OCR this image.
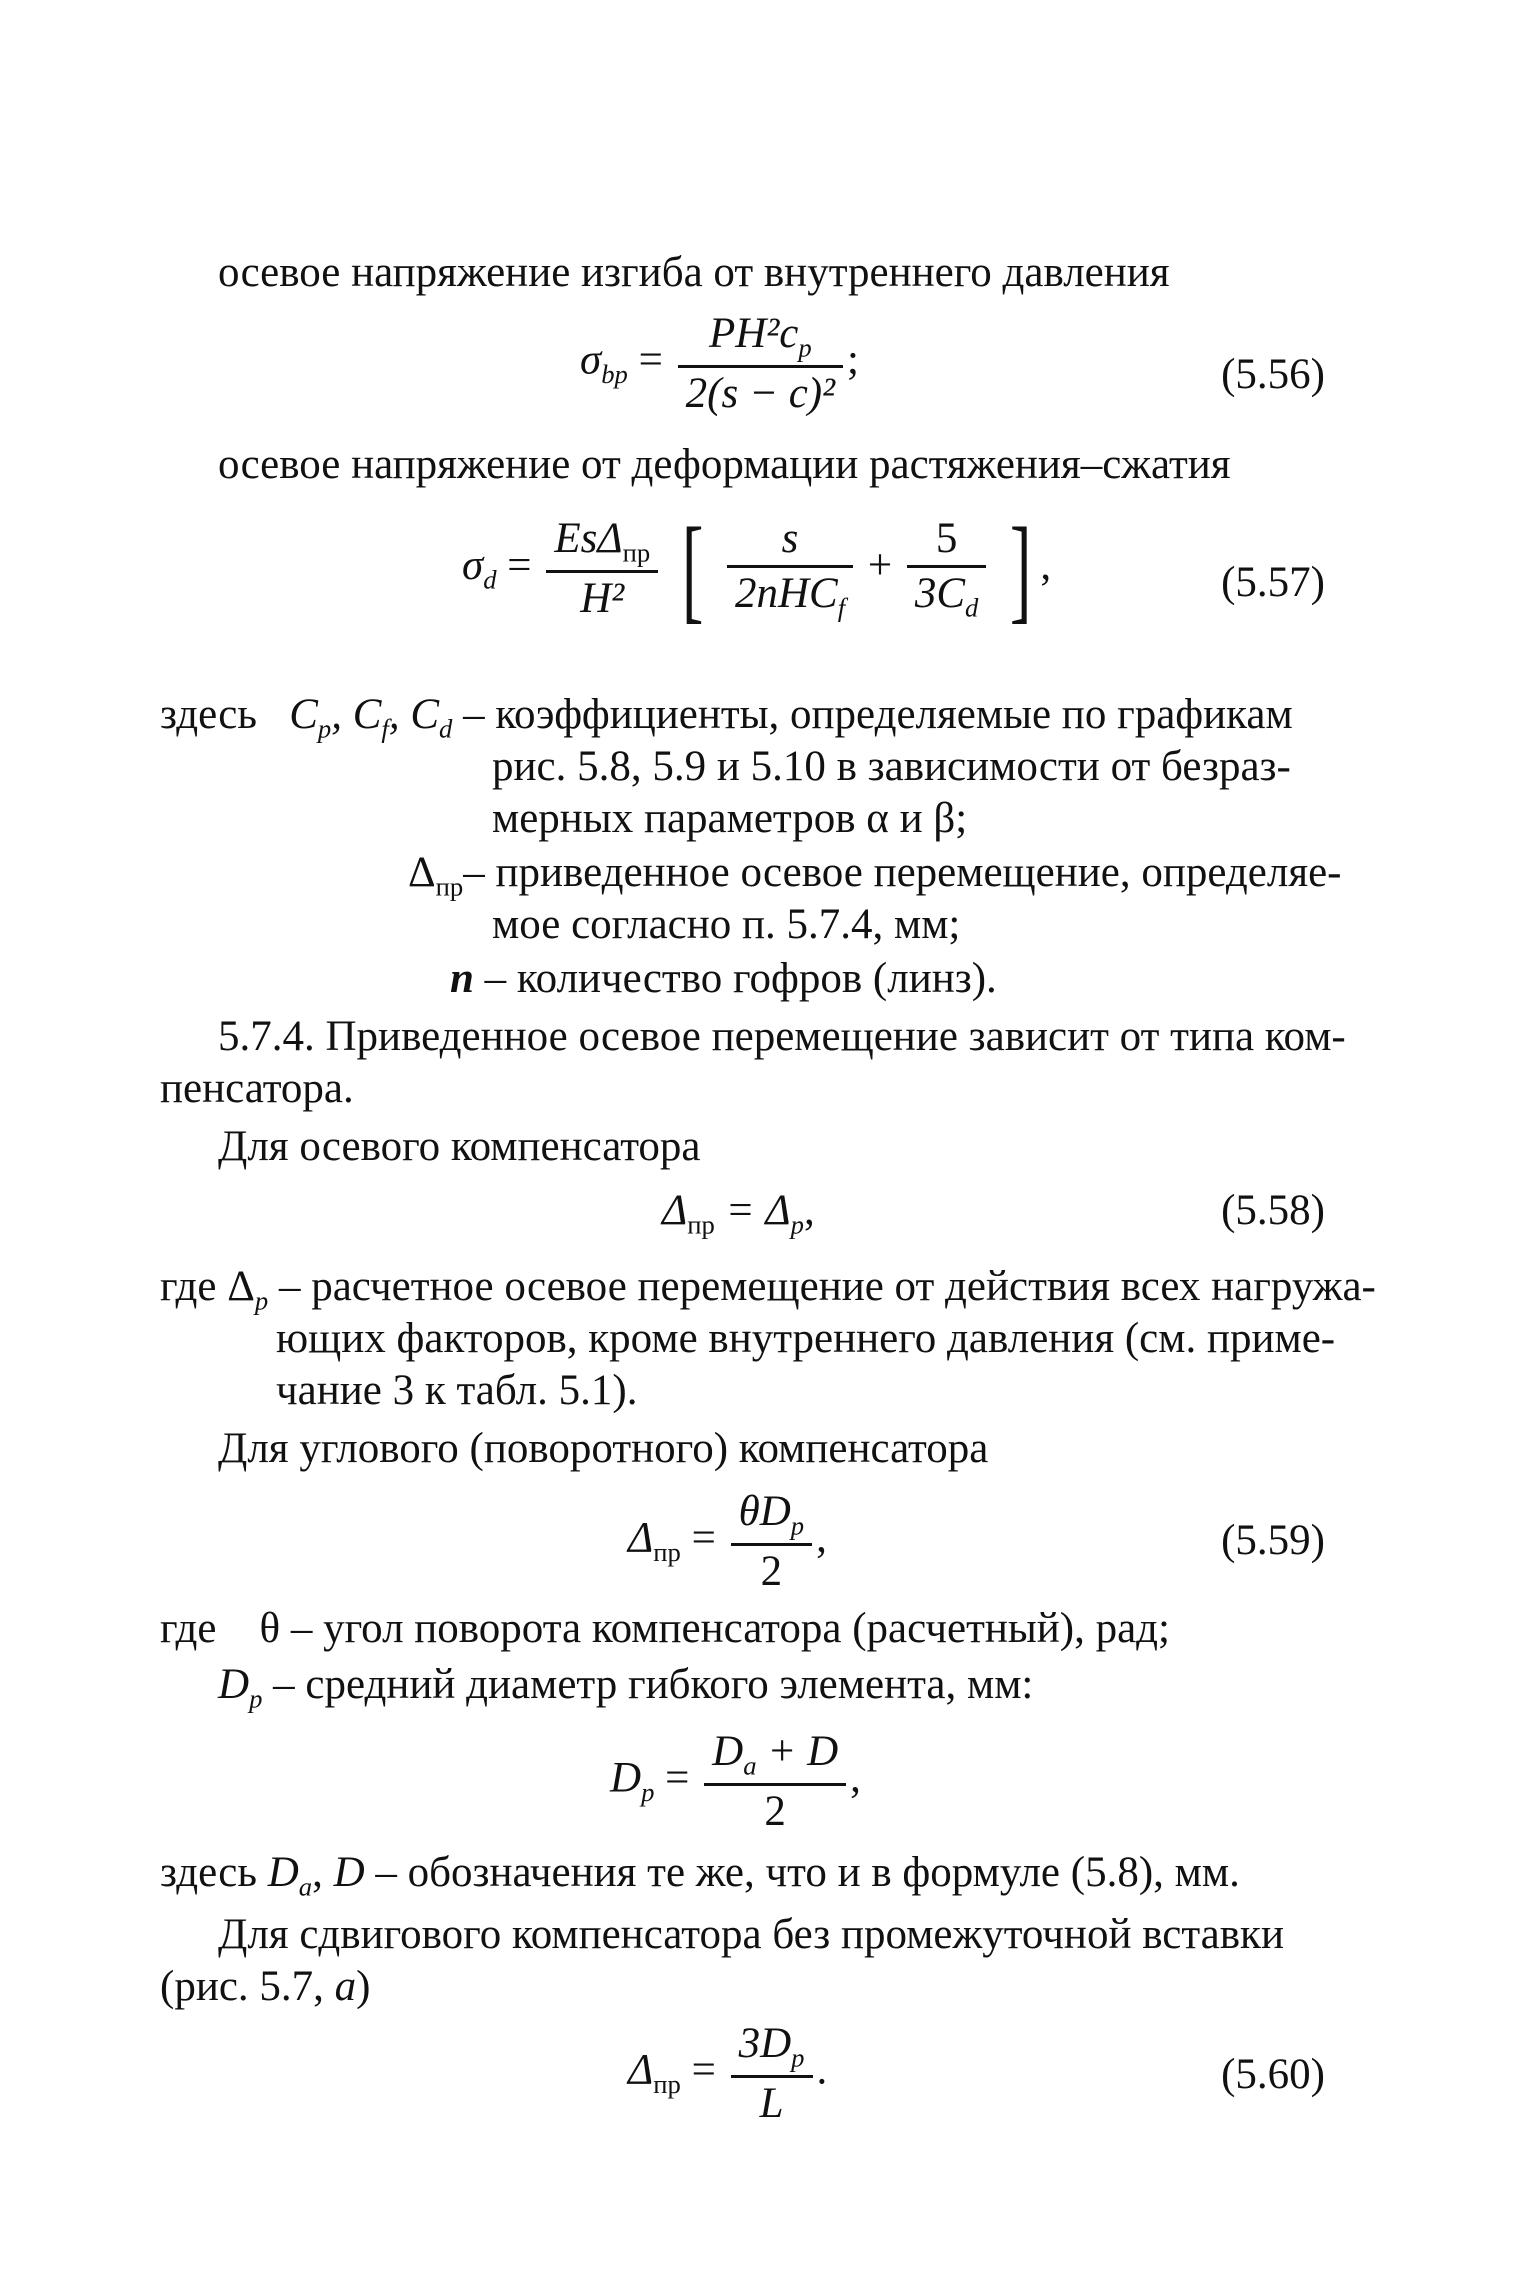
осевое напряжение изгиба от внутреннего давления
$\sigma_{bp} = \frac{PH^2c_p}{\text{2(s − c)²}}$ ;	(5.56)
осевое напряжение от деформации растяжения–сжатия
$\sigma_d = \frac{Es\Delta_{пр}}{\text{H²}}$ [ $\frac{s}{2nHC_f} + \frac{5}{3C_d}$ ] ,	(5.57)
здесь $C_p$, $C_f$, $C_d$ – коэффициенты, определяемые по графикам
рис. 5.8, 5.9 и 5.10 в зависимости от безраз-
мерных параметров α и β;
$\Delta_{пр}-$ приведенное осевое перемещение, определяе-
мое согласно п. 5.7.4, мм;
n – количество гофров (линз).
5.7.4. Приведенное осевое перемещение зависит от типа ком-
пенсатора.
Для осевого компенсатора
$\Delta_{пр} = \Delta_p$,	(5.58)
где $\Delta_p$ – расчетное осевое перемещение от действия всех нагружа-
ющих факторов, кроме внутреннего давления (см. приме-
чание 3 к табл. 5.1).
Для углового (поворотного) компенсатора
$\Delta_{пр} = \frac{\theta D_p}{2}$ ,	(5.59)
где θ – угол поворота компенсатора (расчетный), рад;
$D_p$ – средний диаметр гибкого элемента, мм:
$D_p = \frac{D_a + D}{2}$ ,
здесь $D_a$, D – обозначения те же, что и в формуле (5.8), мм.
Для сдвигового компенсатора без промежуточной вставки
(рис. 5.7, а)
$\Delta_{пр} = \frac{3D_p}{L}$ .	(5.60)
